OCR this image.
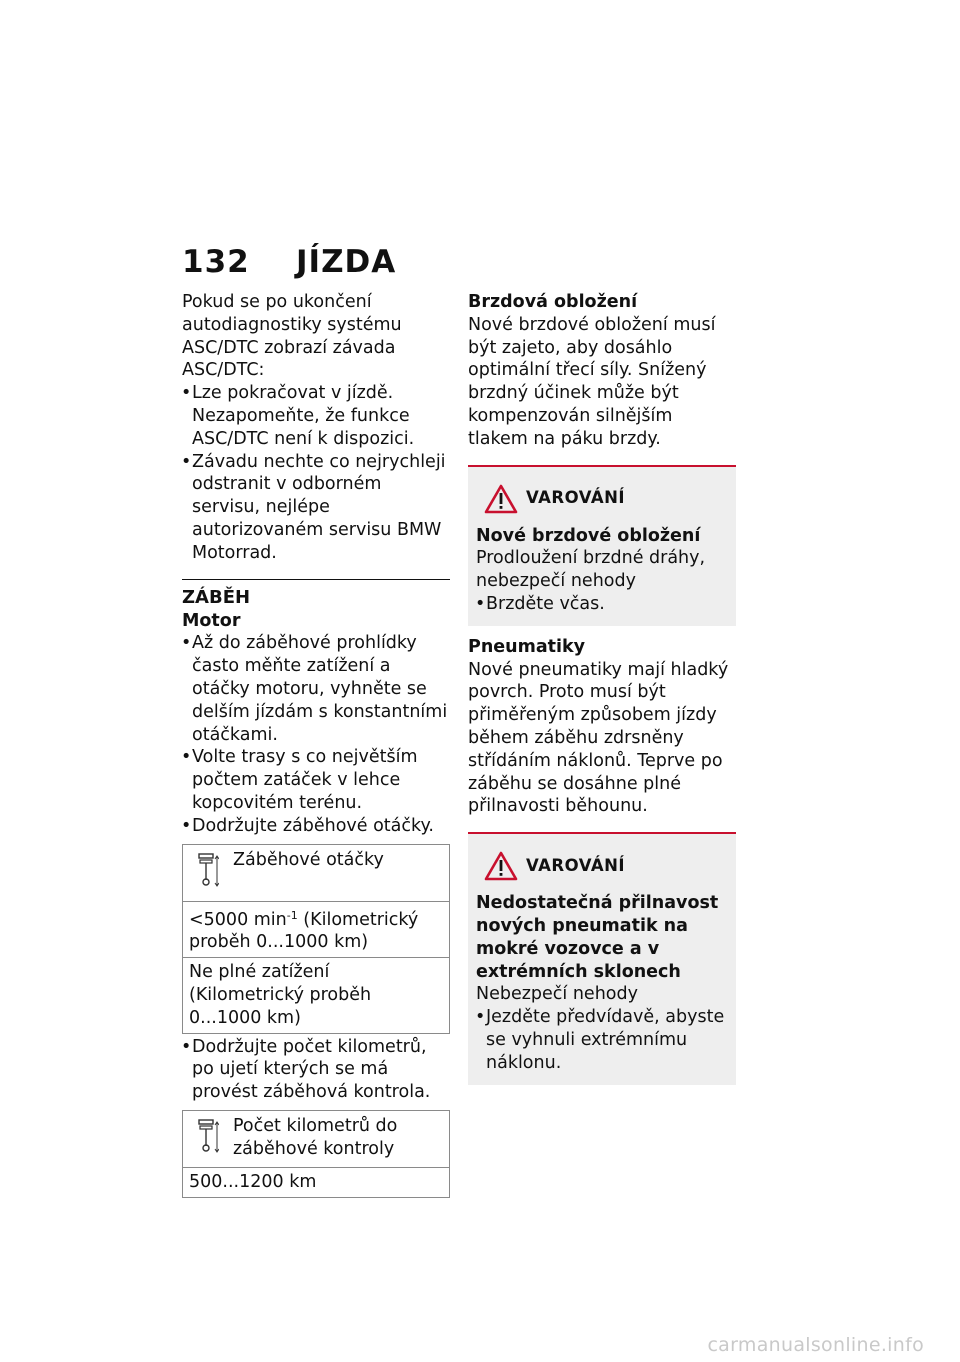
132 JÍZDA

Pokud se po ukončení autodiagnostiky systému ASC/DTC zobrazí závada ASC/DTC:

• Lze pokračovat v jízdě. Nezapomeňte, že funkce ASC/DTC není k dispozici.
• Závadu nechte co nejrychleji odstranit v odborném servisu, nejlépe autorizovaném servisu BMW Motorrad.
ZÁBĚH
Motor
• Až do záběhové prohlídky často měňte zatížení a otáčky motoru, vyhněte se delším jízdám s konstantními otáčkami.
• Volte trasy s co největším počtem zatáček v lehce kopcovitém terénu.
• Dodržujte záběhové otáčky.
Záběhové otáčky
<5000 $\min^{-1}$ (Kilometrický proběh 0...1000 km)
Ne plné zatížení (Kilometrický proběh 0...1000 km)
• Dodržujte počet kilometrů, po ujetí kterých se má provést záběhová kontrola.
Počet kilometrů do záběhové kontroly
500...1200 km
Brzdová obložení

Nové brzdové obložení musí být zajeto, aby dosáhlo optimální třecí síly. Snížený brzdný účinek může být kompenzován silnějším tlakem na páku brzdy.

VAROVÁNÍ
Nové brzdové obložení

Prodloužení brzdné dráhy, nebezpečí nehody

• Brzděte včas.
Pneumatiky

Nové pneumatiky mají hladký povrch. Proto musí být přiměřeným způsobem jízdy během záběhu zdrsněny střídáním náklonů. Teprve po záběhu se dosáhne plné přilnavosti běhounu.

VAROVÁNÍ
Nedostatečná přilnavost nových pneumatik na mokré vozovce a v extrémních sklonech

Nebezpečí nehody

• Jezděte předvídavě, abyste se vyhnuli extrémnímu náklonu.
carmanualsonline.info
